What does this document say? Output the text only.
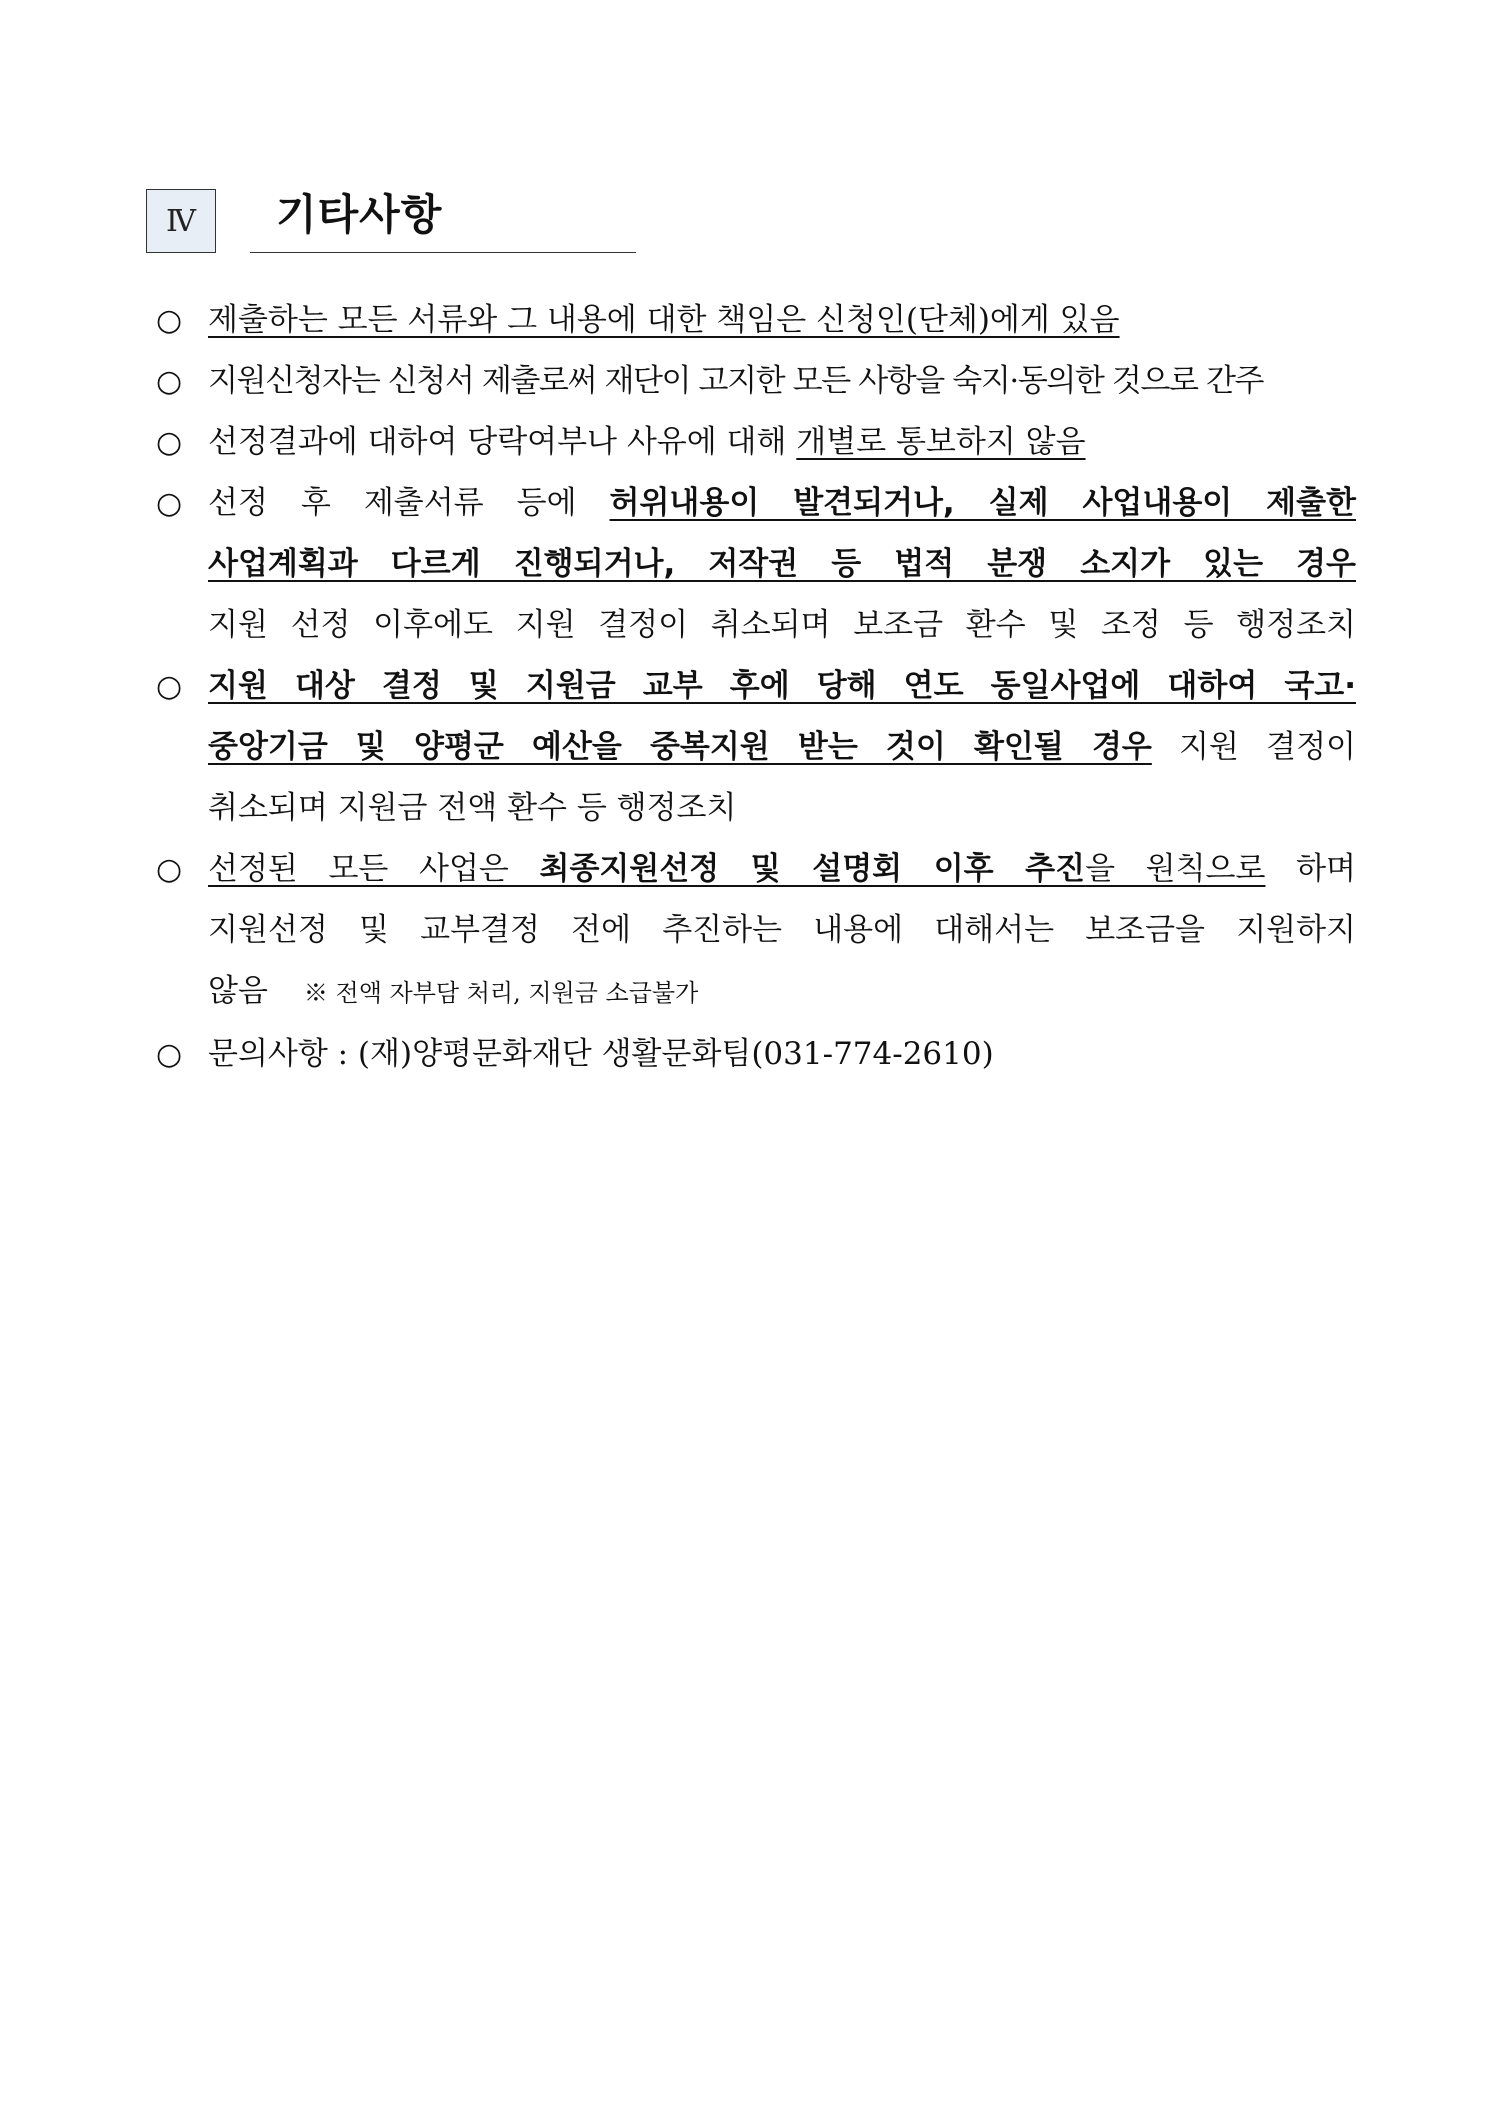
Ⅳ	기타사항
○ 제출하는 모든 서류와 그 내용에 대한 책임은 신청인(단체)에게 있음
○ 지원신청자는 신청서 제출로써 재단이 고지한 모든 사항을 숙지·동의한 것으로 간주
○ 선정결과에 대하여 당락여부나 사유에 대해 개별로 통보하지 않음
○ 선정 후 제출서류 등에 허위내용이 발견되거나, 실제 사업내용이 제출한
사업계획과 다르게 진행되거나, 저작권 등 법적 분쟁 소지가 있는 경우
지원 선정 이후에도 지원 결정이 취소되며 보조금 환수 및 조정 등 행정조치
○ 지원 대상 결정 및 지원금 교부 후에 당해 연도 동일사업에 대하여 국고·
중앙기금 및 양평군 예산을 중복지원 받는 것이 확인될 경우 지원 결정이
취소되며 지원금 전액 환수 등 행정조치
○ 선정된 모든 사업은 최종지원선정 및 설명회 이후 추진을 원칙으로 하며
지원선정 및 교부결정 전에 추진하는 내용에 대해서는 보조금을 지원하지
않음 ※ 전액 자부담 처리, 지원금 소급불가
○ 문의사항 : (재)양평문화재단 생활문화팀(031-774-2610)
